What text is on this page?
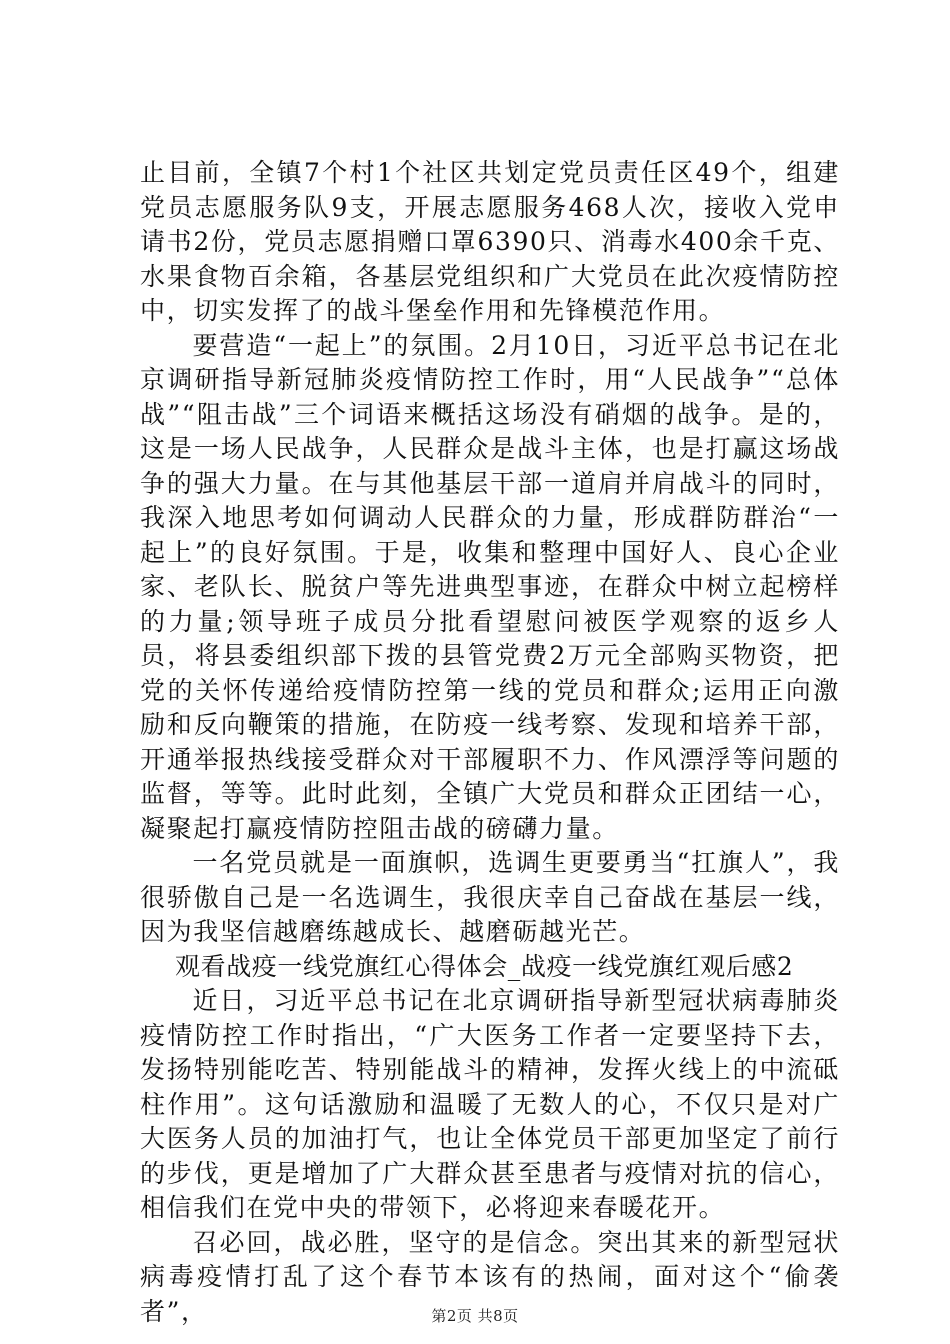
止目前，全镇7个村1个社区共划定党员责任区49个，组建党员志愿服务队9支，开展志愿服务468人次，接收入党申请书2份，党员志愿捐赠口罩6390只、消毒水400余千克、水果食物百余箱，各基层党组织和广大党员在此次疫情防控中，切实发挥了的战斗堡垒作用和先锋模范作用。

要营造“一起上”的氛围。2月10日，习近平总书记在北京调研指导新冠肺炎疫情防控工作时，用“人民战争”“总体战”“阻击战”三个词语来概括这场没有硝烟的战争。是的，这是一场人民战争，人民群众是战斗主体，也是打赢这场战争的强大力量。在与其他基层干部一道肩并肩战斗的同时，我深入地思考如何调动人民群众的力量，形成群防群治“一起上”的良好氛围。于是，收集和整理中国好人、良心企业家、老队长、脱贫户等先进典型事迹，在群众中树立起榜样的力量;领导班子成员分批看望慰问被医学观察的返乡人员，将县委组织部下拨的县管党费2万元全部购买物资，把党的关怀传递给疫情防控第一线的党员和群众;运用正向激励和反向鞭策的措施，在防疫一线考察、发现和培养干部，开通举报热线接受群众对干部履职不力、作风漂浮等问题的监督，等等。此时此刻，全镇广大党员和群众正团结一心，凝聚起打赢疫情防控阻击战的磅礴力量。

一名党员就是一面旗帜，选调生更要勇当“扛旗人”，我很骄傲自己是一名选调生，我很庆幸自己奋战在基层一线，因为我坚信越磨练越成长、越磨砺越光芒。

观看战疫一线党旗红心得体会_战疫一线党旗红观后感2

近日，习近平总书记在北京调研指导新型冠状病毒肺炎疫情防控工作时指出，“广大医务工作者一定要坚持下去，发扬特别能吃苦、特别能战斗的精神，发挥火线上的中流砥柱作用”。这句话激励和温暖了无数人的心，不仅只是对广大医务人员的加油打气，也让全体党员干部更加坚定了前行的步伐，更是增加了广大群众甚至患者与疫情对抗的信心，相信我们在党中央的带领下，必将迎来春暖花开。

召必回，战必胜，坚守的是信念。突出其来的新型冠状病毒疫情打乱了这个春节本该有的热闹，面对这个“偷袭者”，	第2页 共8页
